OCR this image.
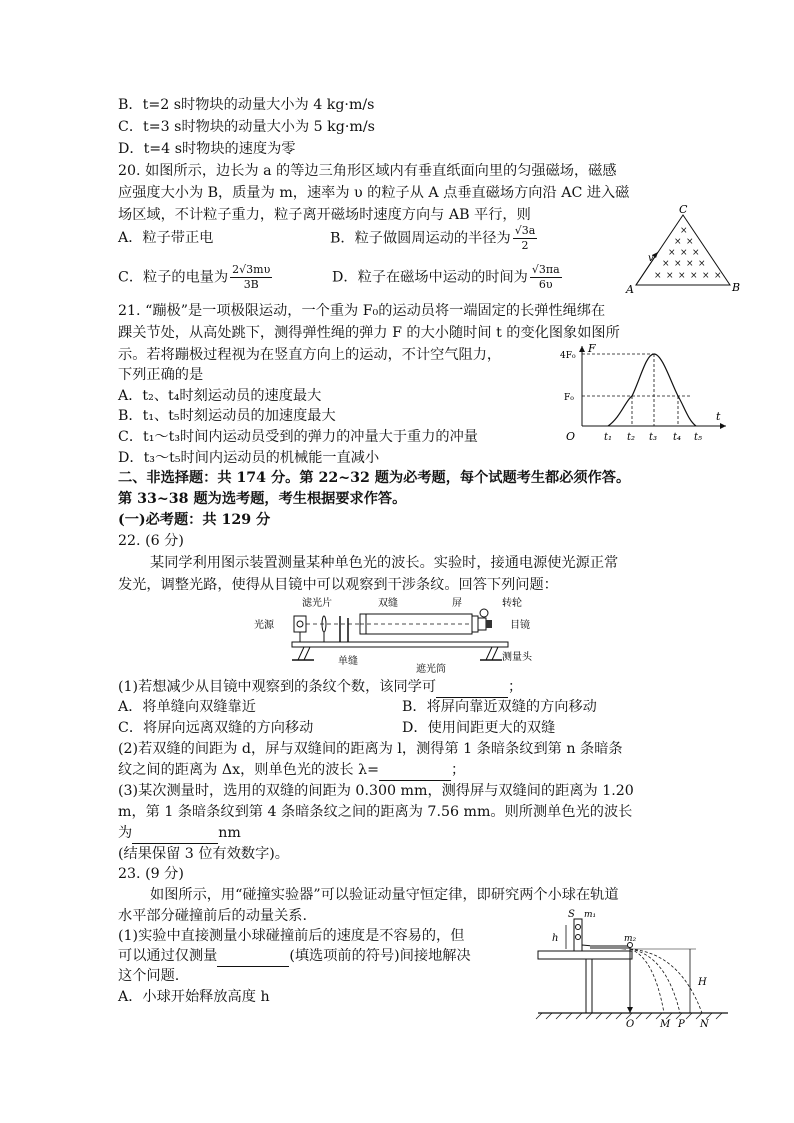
B．t=2 s时物块的动量大小为 4 kg·m/s
C．t=3 s时物块的动量大小为 5 kg·m/s
D．t=4 s时物块的速度为零
20. 如图所示，边长为 a 的等边三角形区域内有垂直纸面向里的匀强磁场，磁感
应强度大小为 B，质量为 m，速率为 υ 的粒子从 A 点垂直磁场方向沿 AC 进入磁
场区域，不计粒子重力，粒子离开磁场时速度方向与 AB 平行，则
A．粒子带正电	B．粒子做圆周运动的半径为 $\frac{√3a}{2}$
C．粒子的电量为 $\frac{2√3m\upsilon}{3B}$	D．粒子在磁场中运动的时间为 $\frac{√3\pi a}{6\upsilon}$
×
× ×
× × ×
× × × ×
× × × × × ×
v
A	B
C
21. “蹦极”是一项极限运动，一个重为 F₀的运动员将一端固定的长弹性绳绑在
踝关节处，从高处跳下，测得弹性绳的弹力 F 的大小随时间 t 的变化图象如图所
示。若将蹦极过程视为在竖直方向上的运动，不计空气阻力，
下列正确的是
A．t₂、t₄时刻运动员的速度最大
B．t₁、t₅时刻运动员的加速度最大
C．t₁～t₃时间内运动员受到的弹力的冲量大于重力的冲量
D．t₃～t₅时间内运动员的机械能一直减小
F
t
O
4F₀
F₀
t₁ t₂ t₃ t₄ t₅
二、非选择题：共 174 分。第 22~32 题为必考题，每个试题考生都必须作答。
第 33~38 题为选考题，考生根据要求作答。
(一)必考题：共 129 分
22. (6 分)
某同学利用图示装置测量某种单色光的波长。实验时，接通电源使光源正常
发光，调整光路，使得从目镜中可以观察到干涉条纹。回答下列问题：
光源
滤光片	双缝	屏	转轮
目镜
单缝
遮光筒
测量头
(1)若想减少从目镜中观察到的条纹个数，该同学可	；
A．将单缝向双缝靠近	B．将屏向靠近双缝的方向移动
C．将屏向远离双缝的方向移动	D．使用间距更大的双缝
(2)若双缝的间距为 d，屏与双缝间的距离为 l，测得第 1 条暗条纹到第 n 条暗条
纹之间的距离为 Δx，则单色光的波长 λ=	；
(3)某次测量时，选用的双缝的间距为 0.300 mm，测得屏与双缝间的距离为 1.20
m，第 1 条暗条纹到第 4 条暗条纹之间的距离为 7.56 mm。则所测单色光的波长
为	nm
(结果保留 3 位有效数字)。
23. (9 分)
如图所示，用“碰撞实验器”可以验证动量守恒定律，即研究两个小球在轨道
水平部分碰撞前后的动量关系.
(1)实验中直接测量小球碰撞前后的速度是不容易的，但
可以通过仅测量	(填选项前的符号)间接地解决
这个问题.
A．小球开始释放高度 h
S m₁
m₂
h
H
O	M P N
